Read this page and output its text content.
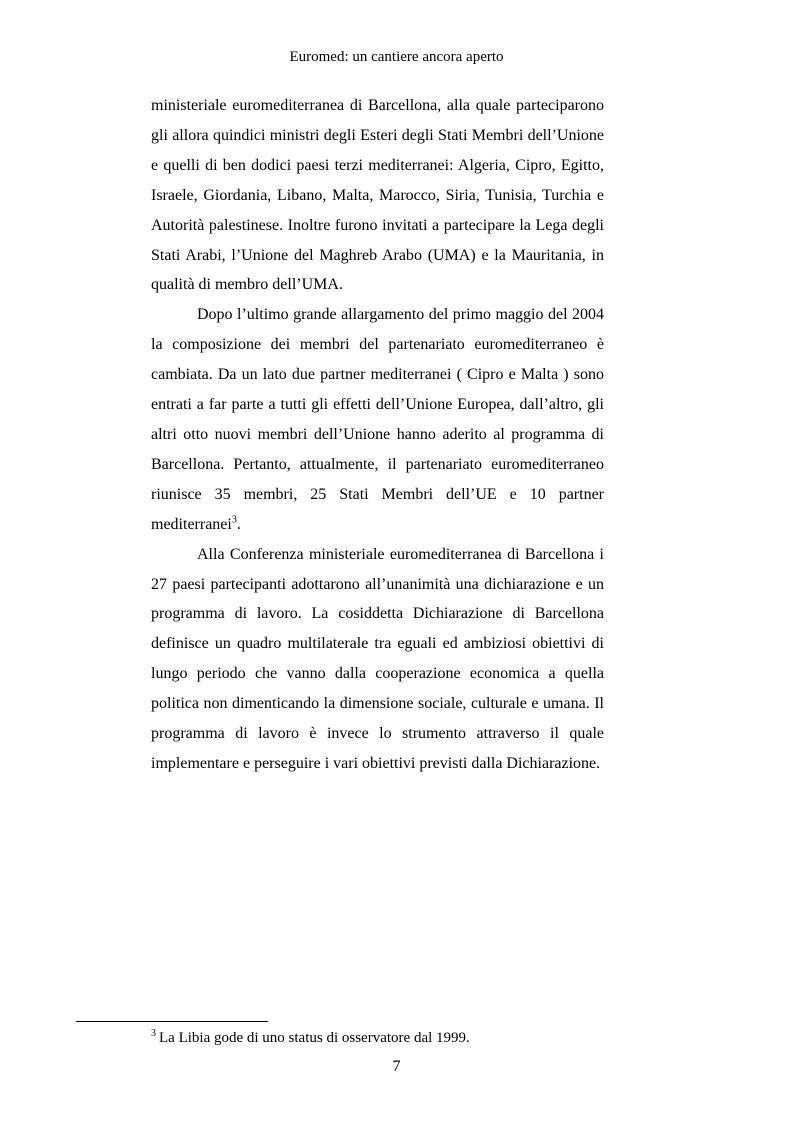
Euromed: un cantiere ancora aperto

ministeriale euromediterranea di Barcellona, alla quale parteciparono gli allora quindici ministri degli Esteri degli Stati Membri dell’Unione e quelli di ben dodici paesi terzi mediterranei: Algeria, Cipro, Egitto, Israele, Giordania, Libano, Malta, Marocco, Siria, Tunisia, Turchia e Autorità palestinese. Inoltre furono invitati a partecipare la Lega degli Stati Arabi, l’Unione del Maghreb Arabo (UMA) e la Mauritania, in qualità di membro dell’UMA.

Dopo l’ultimo grande allargamento del primo maggio del 2004 la composizione dei membri del partenariato euromediterraneo è cambiata. Da un lato due partner mediterranei ( Cipro e Malta ) sono entrati a far parte a tutti gli effetti dell’Unione Europea, dall’altro, gli altri otto nuovi membri dell’Unione hanno aderito al programma di Barcellona. Pertanto, attualmente, il partenariato euromediterraneo riunisce 35 membri, 25 Stati Membri dell’UE e 10 partner mediterranei$^3$.

Alla Conferenza ministeriale euromediterranea di Barcellona i 27 paesi partecipanti adottarono all’unanimità una dichiarazione e un programma di lavoro. La cosiddetta Dichiarazione di Barcellona definisce un quadro multilaterale tra eguali ed ambiziosi obiettivi di lungo periodo che vanno dalla cooperazione economica a quella politica non dimenticando la dimensione sociale, culturale e umana. Il programma di lavoro è invece lo strumento attraverso il quale implementare e perseguire i vari obiettivi previsti dalla Dichiarazione.

$^3$ La Libia gode di uno status di osservatore dal 1999.
7
